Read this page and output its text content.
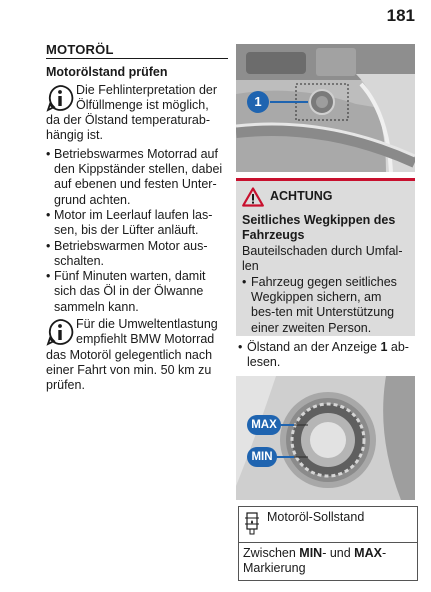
181
MOTORÖL
Motorölstand prüfen
Die Fehlinterpretation der Ölfüllmenge ist möglich,
da der Ölstand temperaturab-hängig ist.
• Betriebswarmes Motorrad auf den Kippständer stellen, dabei auf ebenen und festen Unter-grund achten.
• Motor im Leerlauf laufen las-sen, bis der Lüfter anläuft.
• Betriebswarmen Motor aus-schalten.
• Fünf Minuten warten, damit sich das Öl in der Ölwanne sammeln kann.
Für die Umweltentlastung empfiehlt BMW Motorrad
das Motoröl gelegentlich nach einer Fahrt von min. 50 km zu prüfen.
1
ACHTUNG
Seitliches Wegkippen des Fahrzeugs
Bauteilschaden durch Umfal-len
• Fahrzeug gegen seitliches Wegkippen sichern, am bes-ten mit Unterstützung einer zweiten Person.
• Ölstand an der Anzeige 1 ab-lesen.
MAX
MIN
Motoröl-Sollstand
Zwischen MIN- und MAX-Markierung
